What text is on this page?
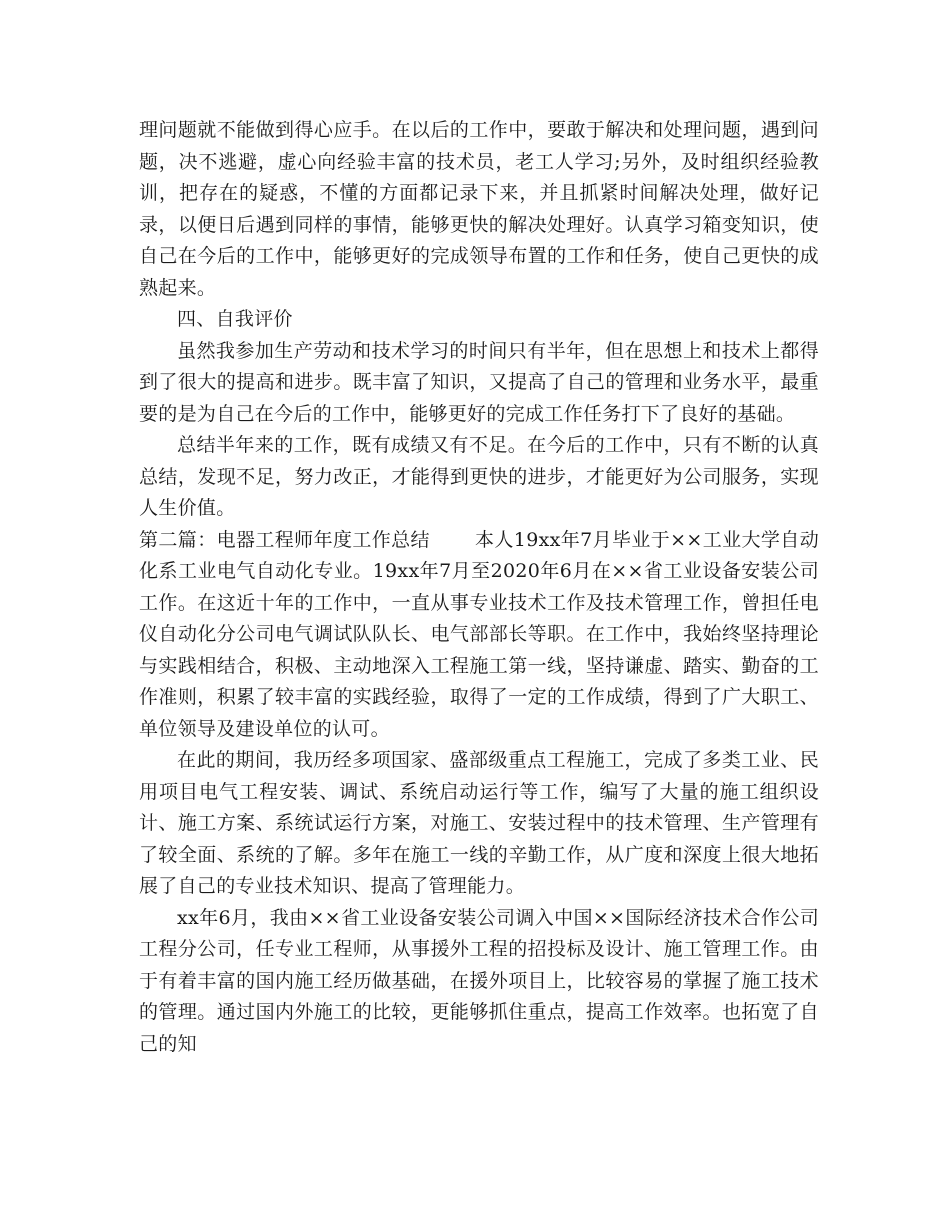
理问题就不能做到得心应手。在以后的工作中，要敢于解决和处理问题，遇到问题，决不逃避，虚心向经验丰富的技术员，老工人学习;另外，及时组织经验教训，把存在的疑惑，不懂的方面都记录下来，并且抓紧时间解决处理，做好记录，以便日后遇到同样的事情，能够更快的解决处理好。认真学习箱变知识，使自己在今后的工作中，能够更好的完成领导布置的工作和任务，使自己更快的成熟起来。

四、自我评价

虽然我参加生产劳动和技术学习的时间只有半年，但在思想上和技术上都得到了很大的提高和进步。既丰富了知识，又提高了自己的管理和业务水平，最重要的是为自己在今后的工作中，能够更好的完成工作任务打下了良好的基础。

总结半年来的工作，既有成绩又有不足。在今后的工作中，只有不断的认真总结，发现不足，努力改正，才能得到更快的进步，才能更好为公司服务，实现人生价值。

第二篇：电器工程师年度工作总结 本人19xx年7月毕业于××工业大学自动化系工业电气自动化专业。19xx年7月至2020年6月在××省工业设备安装公司工作。在这近十年的工作中，一直从事专业技术工作及技术管理工作，曾担任电仪自动化分公司电气调试队队长、电气部部长等职。在工作中，我始终坚持理论与实践相结合，积极、主动地深入工程施工第一线，坚持谦虚、踏实、勤奋的工作准则，积累了较丰富的实践经验，取得了一定的工作成绩，得到了广大职工、单位领导及建设单位的认可。

在此的期间，我历经多项国家、盛部级重点工程施工，完成了多类工业、民用项目电气工程安装、调试、系统启动运行等工作，编写了大量的施工组织设计、施工方案、系统试运行方案，对施工、安装过程中的技术管理、生产管理有了较全面、系统的了解。多年在施工一线的辛勤工作，从广度和深度上很大地拓展了自己的专业技术知识、提高了管理能力。

xx年6月，我由××省工业设备安装公司调入中国××国际经济技术合作公司工程分公司，任专业工程师，从事援外工程的招投标及设计、施工管理工作。由于有着丰富的国内施工经历做基础，在援外项目上，比较容易的掌握了施工技术的管理。通过国内外施工的比较，更能够抓住重点，提高工作效率。也拓宽了自己的知
